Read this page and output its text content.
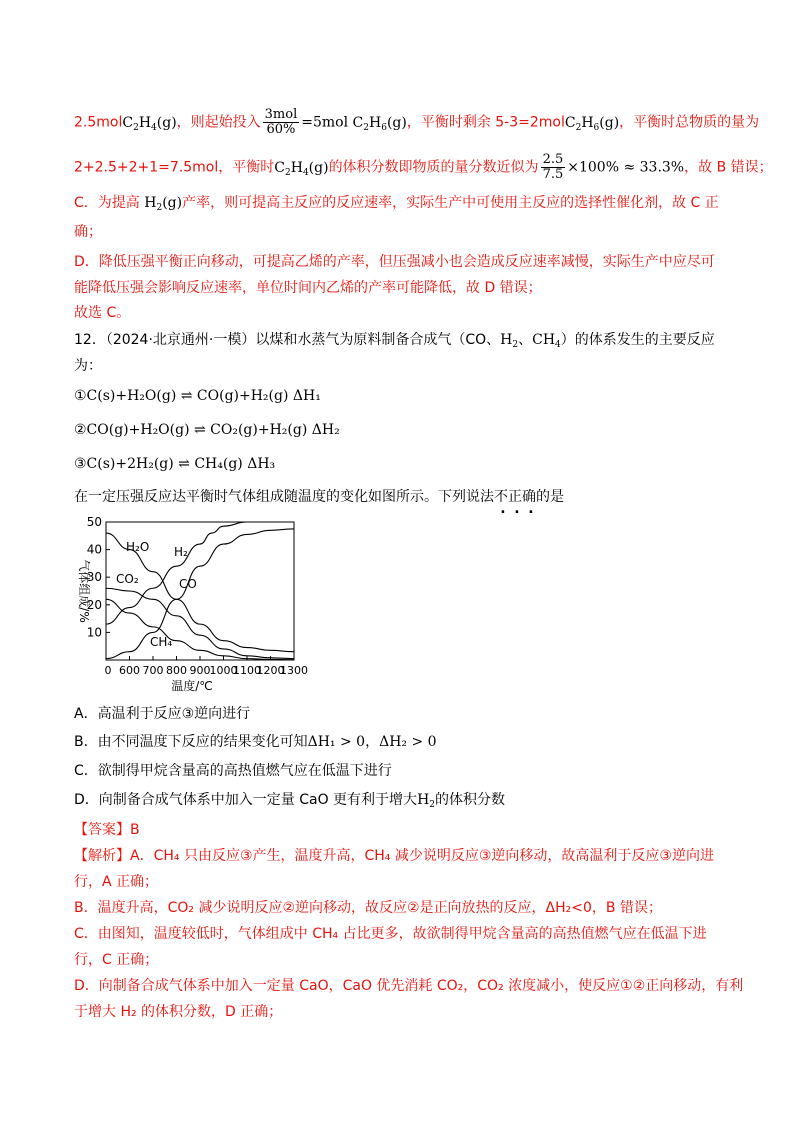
$2.5molC_2H_4(g)$，则起始投入 $\frac{\text{3mol}}{60\%} =5mol$ $C_2H_6(g)$，平衡时剩余 $5-3=2molC_2H_6(g)$，平衡时总物质的量为
2+2.5+2+1=7.5mol，平衡时$C_2H_4(g)$的体积分数即物质的量分数近似为 $\frac{2.5}{7.5} \times 100\% \approx 33.3\%$，故 B 错误；
C．为提高 $H_2(g)$产率，则可提高主反应的反应速率，实际生产中可使用主反应的选择性催化剂，故 C 正
确；
D．降低压强平衡正向移动，可提高乙烯的产率，但压强减小也会造成反应速率减慢，实际生产中应尽可
能降低压强会影响反应速率，单位时间内乙烯的产率可能降低，故 D 错误；
故选 C。
12．（2024·北京通州·一模）以煤和水蒸气为原料制备合成气（CO、$H_2$、$CH_4$）的体系发生的主要反应
为：
①C(s)+H₂O(g) ⇌ CO(g)+H₂(g) ΔH₁
②CO(g)+H₂O(g) ⇌ CO₂(g)+H₂(g) ΔH₂
③C(s)+2H₂(g) ⇌ CH₄(g) ΔH₃
在一定压强反应达平衡时气体组成随温度的变化如图所示。下列说法不正确的是
10
20
30
40
50
0 600 700 800 900 1000
1100
1200
1300
温度/℃
气体组成/%
H₂
H₂O
CO
CO₂
CH₄
A．高温利于反应③逆向进行
B．由不同温度下反应的结果变化可知ΔH₁ > 0，ΔH₂ > 0
C．欲制得甲烷含量高的高热值燃气应在低温下进行
D．向制备合成气体系中加入一定量 CaO 更有利于增大$H_2$的体积分数
【答案】B
【解析】A．CH₄ 只由反应③产生，温度升高，CH₄ 减少说明反应③逆向移动，故高温利于反应③逆向进
行，A 正确；
B．温度升高，CO₂ 减少说明反应②逆向移动，故反应②是正向放热的反应，ΔH₂<0，B 错误；
C．由图知，温度较低时，气体组成中 CH₄ 占比更多，故欲制得甲烷含量高的高热值燃气应在低温下进
行，C 正确；
D．向制备合成气体系中加入一定量 CaO，CaO 优先消耗 CO₂，CO₂ 浓度减小，使反应①②正向移动，有利
于增大 H₂ 的体积分数，D 正确；
